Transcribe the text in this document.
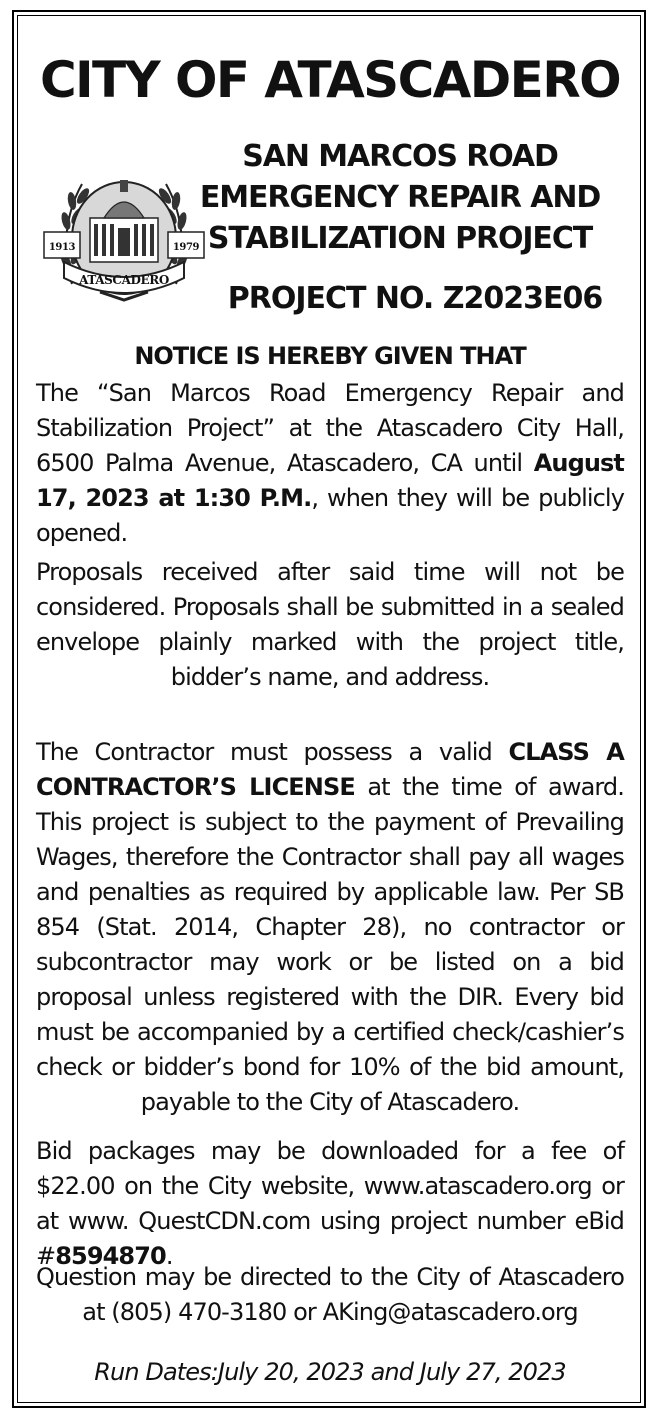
CITY OF ATASCADERO
1913	1979
ATASCADERO
SAN MARCOS ROAD EMERGENCY REPAIR AND STABILIZATION PROJECT
PROJECT NO. Z2023E06
NOTICE IS HEREBY GIVEN THAT
The “San Marcos Road Emergency Repair and Stabilization Project” at the Atascadero City Hall, 6500 Palma Avenue, Atascadero, CA until August 17, 2023 at 1:30 P.M., when they will be publicly opened.
Proposals received after said time will not be considered. Proposals shall be submitted in a sealed envelope plainly marked with the project title, bidder’s name, and address.
The Contractor must possess a valid CLASS A CONTRACTOR’S LICENSE at the time of award. This project is subject to the payment of Prevailing Wages, therefore the Contractor shall pay all wages and penalties as required by applicable law. Per SB 854 (Stat. 2014, Chapter 28), no contractor or subcontractor may work or be listed on a bid proposal unless registered with the DIR. Every bid must be accompanied by a certified check/cashier’s check or bidder’s bond for 10% of the bid amount, payable to the City of Atascadero.
Bid packages may be downloaded for a fee of $22.00 on the City website, www.atascadero.org or at www. QuestCDN.com using project number eBid #8594870.
Question may be directed to the City of Atascadero at (805) 470-3180 or AKing@atascadero.org
Run Dates:July 20, 2023 and July 27, 2023
